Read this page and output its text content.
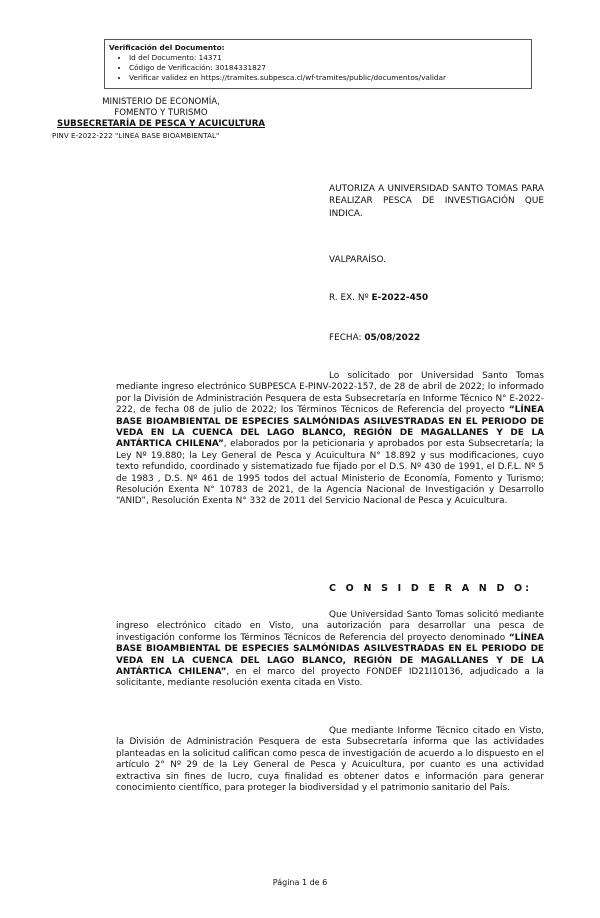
Verificación del Documento:
• Id del Documento: 14371
• Código de Verificación: 30184331827
• Verificar validez en https://tramites.subpesca.cl/wf-tramites/public/documentos/validar
MINISTERIO DE ECONOMÍA,
FOMENTO Y TURISMO
SUBSECRETARÍA DE PESCA Y ACUICULTURA
PINV E-2022-222 "LÍNEA BASE BIOAMBIENTAL"

AUTORIZA A UNIVERSIDAD SANTO TOMAS PARA REALIZAR PESCA DE INVESTIGACIÓN QUE INDICA.

VALPARAÍSO.

R. EX. Nº E-2022-450

FECHA: 05/08/2022

Lo solicitado por Universidad Santo Tomas mediante ingreso electrónico SUBPESCA E-PINV-2022-157, de 28 de abril de 2022; lo informado por la División de Administración Pesquera de esta Subsecretaría en Informe Técnico N° E-2022-222, de fecha 08 de julio de 2022; los Términos Técnicos de Referencia del proyecto “LÍNEA BASE BIOAMBIENTAL DE ESPECIES SALMÓNIDAS ASILVESTRADAS EN EL PERIODO DE VEDA EN LA CUENCA DEL LAGO BLANCO, REGIÓN DE MAGALLANES Y DE LA ANTÁRTICA CHILENA”, elaborados por la peticionaria y aprobados por esta Subsecretaría; la Ley Nº 19.880; la Ley General de Pesca y Acuicultura N° 18.892 y sus modificaciones, cuyo texto refundido, coordinado y sistematizado fue fijado por el D.S. Nº 430 de 1991, el D.F.L. Nº 5 de 1983 , D.S. Nº 461 de 1995 todos del actual Ministerio de Economía, Fomento y Turismo; Resolución Exenta N° 10783 de 2021, de la Agencia Nacional de Investigación y Desarrollo “ANID”, Resolución Exenta N° 332 de 2011 del Servicio Nacional de Pesca y Acuicultura.

C O N S I D E R A N D O:

Que Universidad Santo Tomas solicitó mediante ingreso electrónico citado en Visto, una autorización para desarrollar una pesca de investigación conforme los Términos Técnicos de Referencia del proyecto denominado “LÍNEA BASE BIOAMBIENTAL DE ESPECIES SALMÓNIDAS ASILVESTRADAS EN EL PERIODO DE VEDA EN LA CUENCA DEL LAGO BLANCO, REGIÓN DE MAGALLANES Y DE LA ANTÁRTICA CHILENA”, en el marco del proyecto FONDEF ID21I10136, adjudicado a la solicitante, mediante resolución exenta citada en Visto.

Que mediante Informe Técnico citado en Visto, la División de Administración Pesquera de esta Subsecretaría informa que las actividades planteadas en la solicitud califican como pesca de investigación de acuerdo a lo dispuesto en el artículo 2° Nº 29 de la Ley General de Pesca y Acuicultura, por cuanto es una actividad extractiva sin fines de lucro, cuya finalidad es obtener datos e información para generar conocimiento científico, para proteger la biodiversidad y el patrimonio sanitario del País.

Página 1 de 6
